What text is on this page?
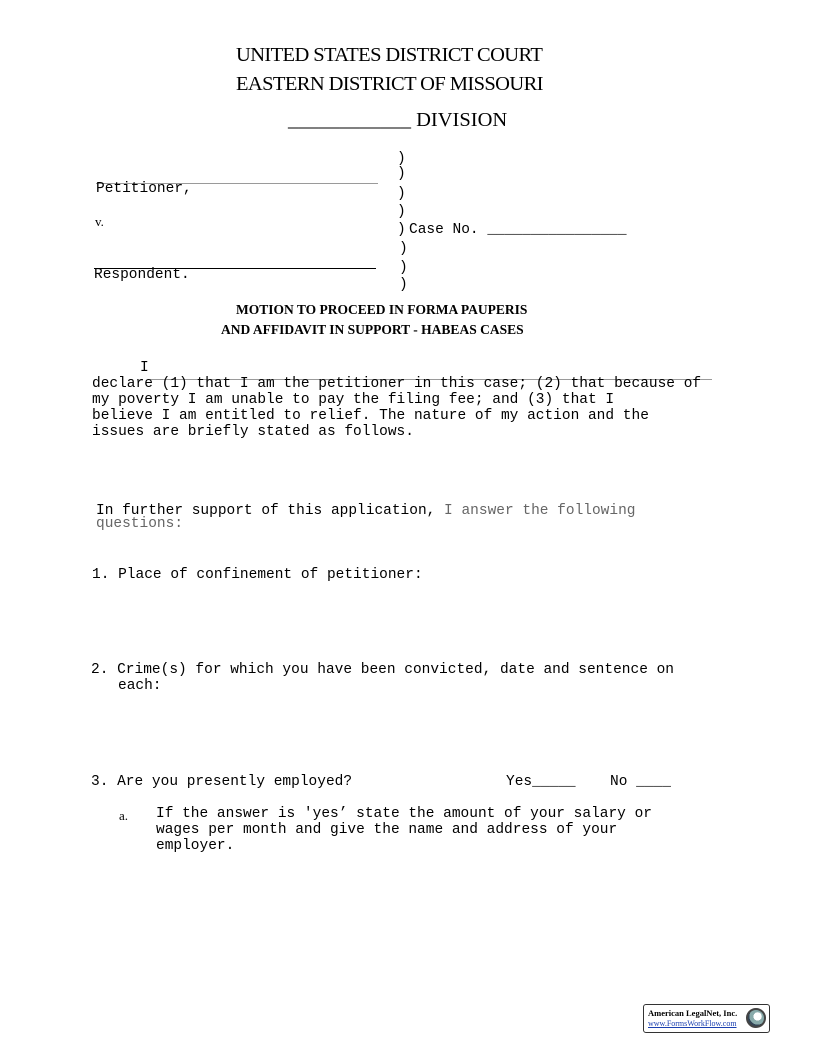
UNITED STATES DISTRICT COURT
EASTERN DISTRICT OF MISSOURI
____________ DIVISION
Petitioner,
v.
Respondent.
)
)
)
)
)
)
)
)
Case No. ________________
MOTION TO PROCEED IN FORMA PAUPERIS
AND AFFIDAVIT IN SUPPORT - HABEAS CASES
I
declare (1) that I am the petitioner in this case; (2) that because of
my poverty I am unable to pay the filing fee; and (3) that I
believe I am entitled to relief. The nature of my action and the
issues are briefly stated as follows.
In further support of this application, I answer the following
questions:
1. Place of confinement of petitioner:
2. Crime(s) for which you have been convicted, date and sentence on
each:
3. Are you presently employed?	Yes_____ No ____
a. If the answer is 'yes’ state the amount of your salary or
wages per month and give the name and address of your
employer.
American LegalNet, Inc.
www.FormsWorkFlow.com
